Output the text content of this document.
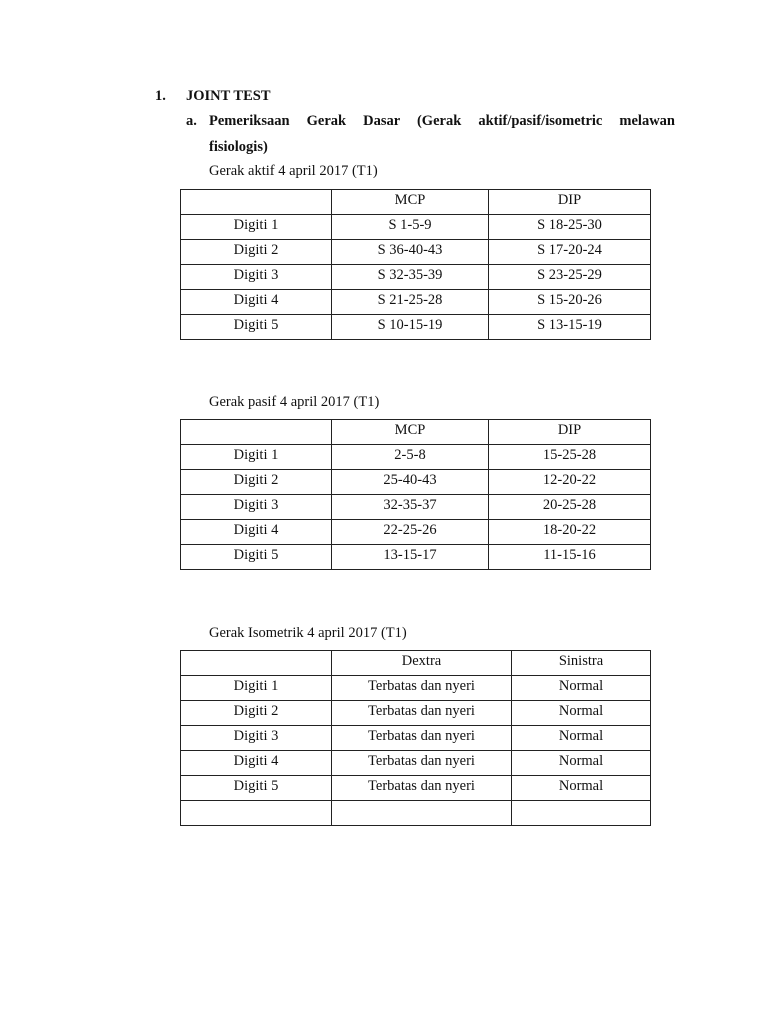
1. JOINT TEST
a. Pemeriksaan  Gerak  Dasar  (Gerak  aktif/pasif/isometric  melawan
fisiologis)
Gerak aktif 4 april 2017 (T1)
	MCP	DIP
Digiti 1	S 1-5-9	S 18-25-30
Digiti 2	S 36-40-43	S 17-20-24
Digiti 3	S 32-35-39	S 23-25-29
Digiti 4	S 21-25-28	S 15-20-26
Digiti 5	S 10-15-19	S 13-15-19
Gerak pasif 4 april 2017 (T1)
	MCP	DIP
Digiti 1	2-5-8	15-25-28
Digiti 2	25-40-43	12-20-22
Digiti 3	32-35-37	20-25-28
Digiti 4	22-25-26	18-20-22
Digiti 5	13-15-17	11-15-16
Gerak Isometrik 4 april 2017 (T1)
	Dextra	Sinistra
Digiti 1	Terbatas dan nyeri	Normal
Digiti 2	Terbatas dan nyeri	Normal
Digiti 3	Terbatas dan nyeri	Normal
Digiti 4	Terbatas dan nyeri	Normal
Digiti 5	Terbatas dan nyeri	Normal
